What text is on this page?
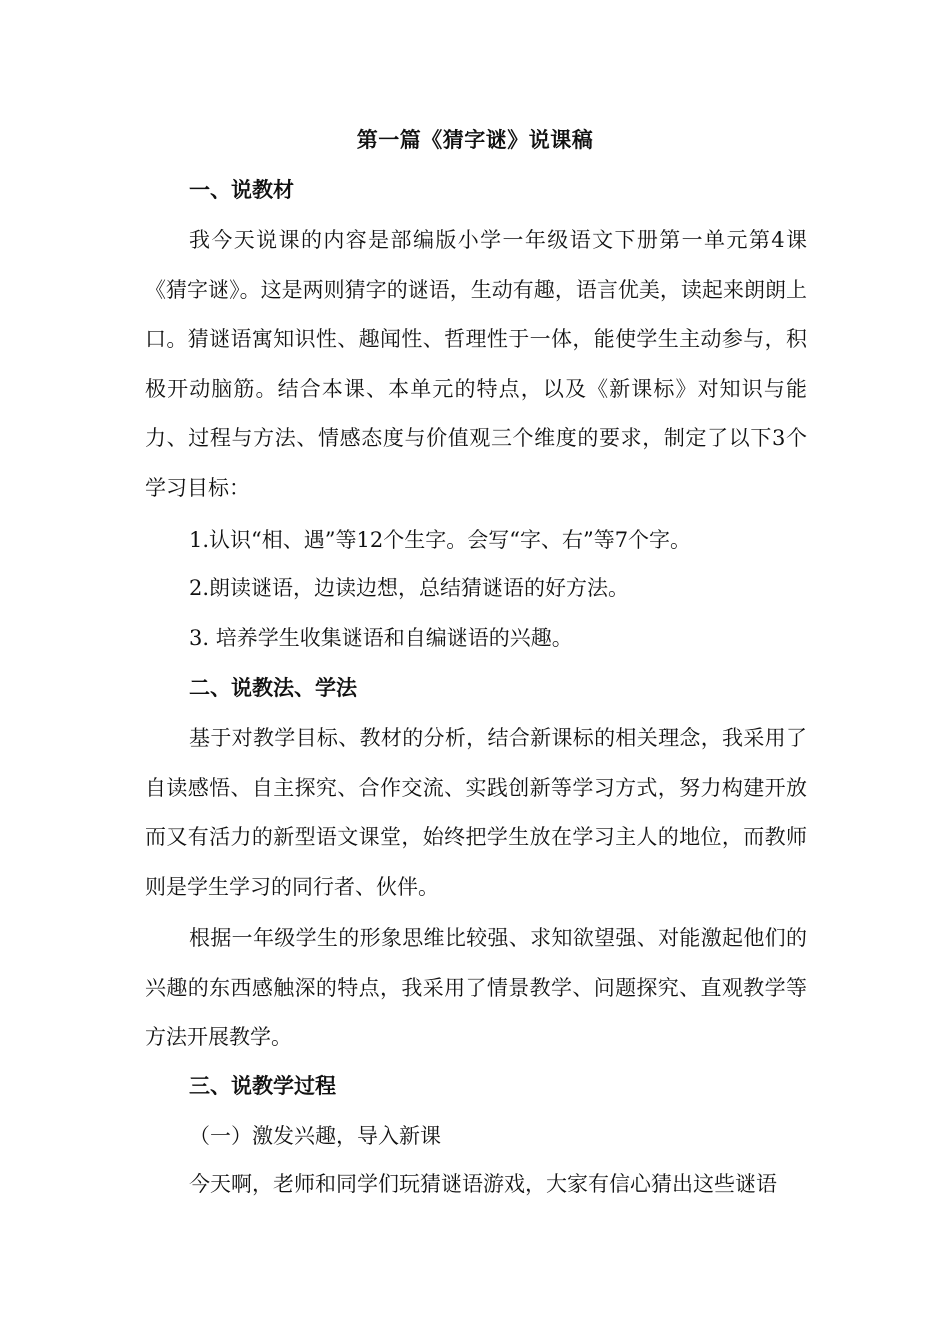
第一篇《猜字谜》说课稿

一、说教材

我今天说课的内容是部编版小学一年级语文下册第一单元第4课《猜字谜》。这是两则猜字的谜语，生动有趣，语言优美，读起来朗朗上口。猜谜语寓知识性、趣闻性、哲理性于一体，能使学生主动参与，积极开动脑筋。结合本课、本单元的特点，以及《新课标》对知识与能力、过程与方法、情感态度与价值观三个维度的要求，制定了以下3个学习目标：

1.认识“相、遇”等12个生字。会写“字、右”等7个字。

2.朗读谜语，边读边想，总结猜谜语的好方法。

3. 培养学生收集谜语和自编谜语的兴趣。

二、说教法、学法

基于对教学目标、教材的分析，结合新课标的相关理念，我采用了自读感悟、自主探究、合作交流、实践创新等学习方式，努力构建开放而又有活力的新型语文课堂，始终把学生放在学习主人的地位，而教师则是学生学习的同行者、伙伴。

根据一年级学生的形象思维比较强、求知欲望强、对能激起他们的兴趣的东西感触深的特点，我采用了情景教学、问题探究、直观教学等方法开展教学。

三、说教学过程

（一）激发兴趣，导入新课

今天啊，老师和同学们玩猜谜语游戏，大家有信心猜出这些谜语
